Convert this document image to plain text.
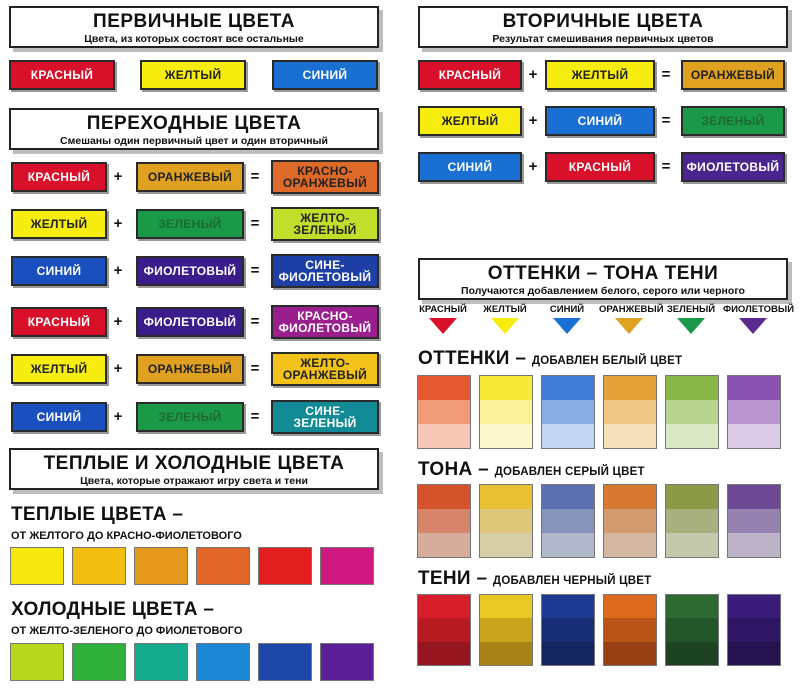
ПЕРВИЧНЫЕ ЦВЕТА
Цвета, из которых состоят все остальные
КРАСНЫЙ	ЖЕЛТЫЙ	СИНИЙ
ВТОРИЧНЫЕ ЦВЕТА
Результат смешивания первичных цветов
КРАСНЫЙ	+	ЖЕЛТЫЙ	=	ОРАНЖЕВЫЙ
ЖЕЛТЫЙ	+	СИНИЙ	=	ЗЕЛЕНЫЙ
СИНИЙ	+	КРАСНЫЙ	=	ФИОЛЕТОВЫЙ
ПЕРЕХОДНЫЕ ЦВЕТА
Смешаны один первичный цвет и один вторичный
КРАСНЫЙ	+	ОРАНЖЕВЫЙ	=	КРАСНО-
ОРАНЖЕВЫЙ
ЖЕЛТЫЙ	+	ЗЕЛЕНЫЙ	=	ЖЕЛТО-
ЗЕЛЕНЫЙ
СИНИЙ	+	ФИОЛЕТОВЫЙ =	СИНЕ-
ФИОЛЕТОВЫЙ
КРАСНЫЙ	+	ФИОЛЕТОВЫЙ =	КРАСНО-
ФИОЛЕТОВЫЙ
ЖЕЛТЫЙ	+	ОРАНЖЕВЫЙ	=	ЖЕЛТО-
ОРАНЖЕВЫЙ
СИНИЙ	+	ЗЕЛЕНЫЙ	=	СИНЕ-
ЗЕЛЕНЫЙ
ТЕПЛЫЕ И ХОЛОДНЫЕ ЦВЕТА
Цвета, которые отражают игру света и тени
ТЕПЛЫЕ ЦВЕТА –
ОТ ЖЕЛТОГО ДО КРАСНО-ФИОЛЕТОВОГО
ХОЛОДНЫЕ ЦВЕТА –
ОТ ЖЕЛТО-ЗЕЛЕНОГО ДО ФИОЛЕТОВОГО
ОТТЕНКИ – ТОНА ТЕНИ
Получаются добавлением белого, серого или черного
КРАСНЫЙ	ЖЕЛТЫЙ	СИНИЙ	ОРАНЖЕВЫЙ ЗЕЛЕНЫЙ ФИОЛЕТОВЫЙ
ОТТЕНКИ – ДОБАВЛЕН БЕЛЫЙ ЦВЕТ
ТОНА – ДОБАВЛЕН СЕРЫЙ ЦВЕТ
ТЕНИ – ДОБАВЛЕН ЧЕРНЫЙ ЦВЕТ
